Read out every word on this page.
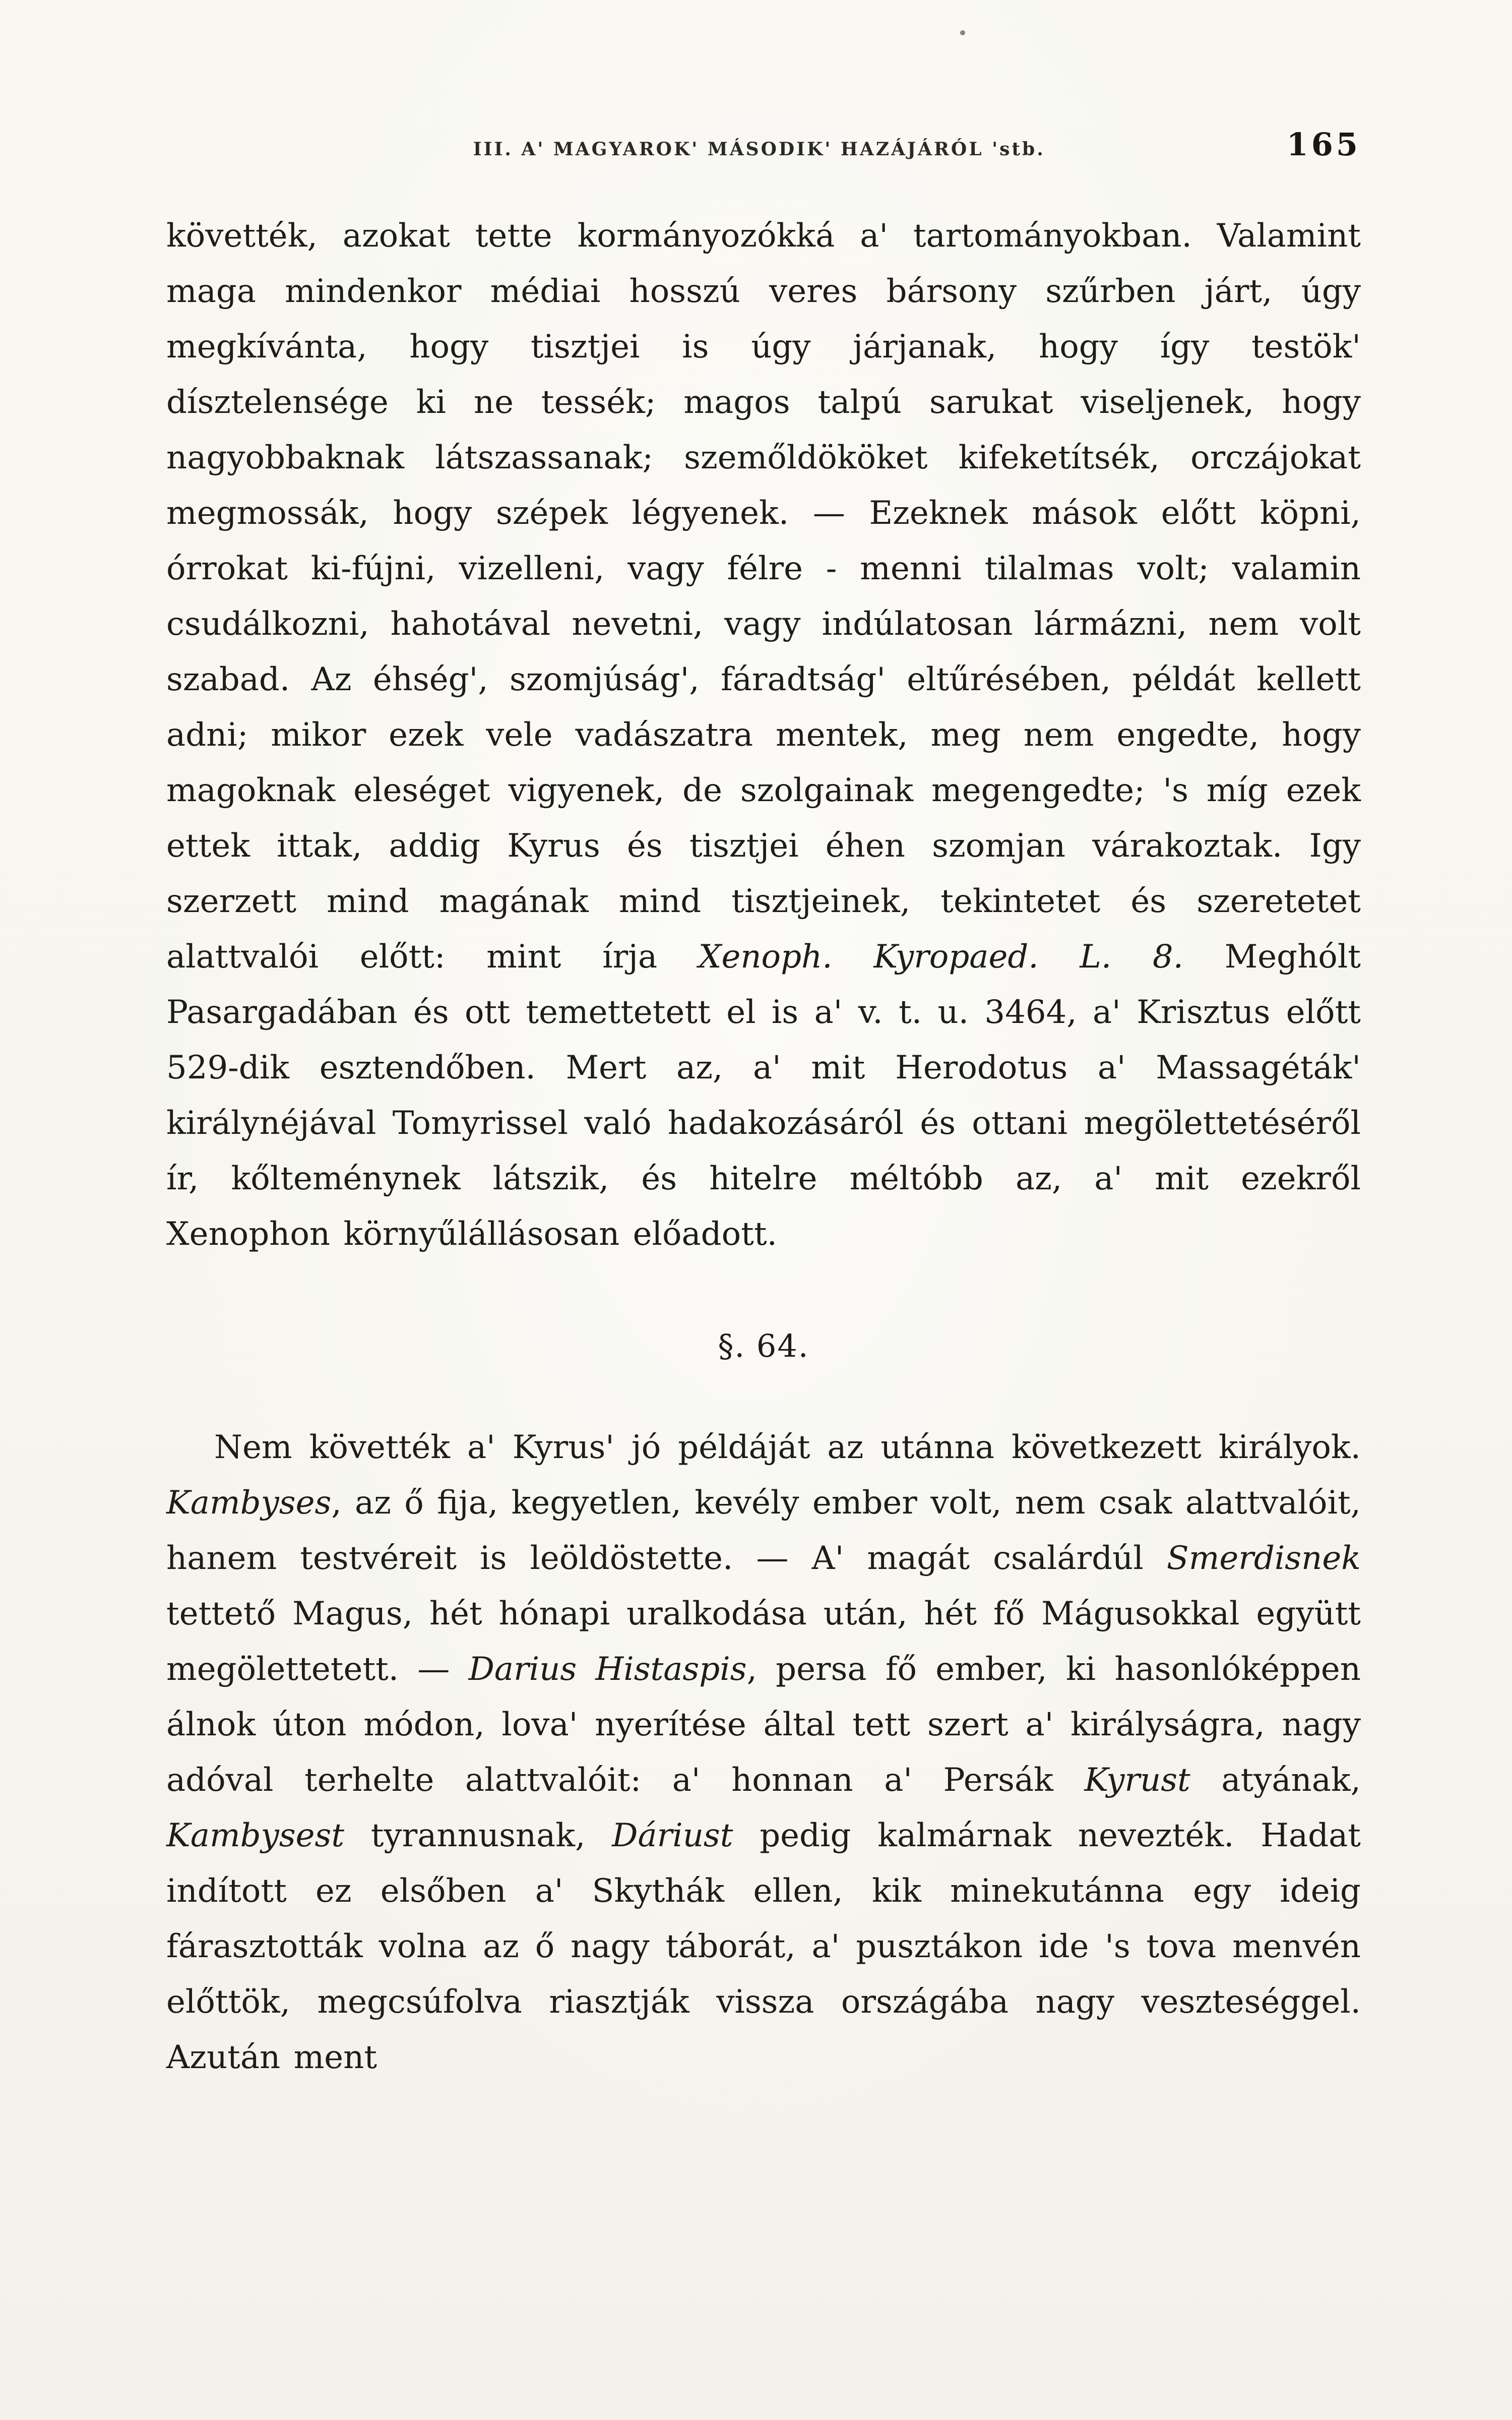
III. A' MAGYAROK' MÁSODIK' HAZÁJÁRÓL 'stb.	165

követték, azokat tette kormányozókká a' tartományokban. Valamint maga mindenkor médiai hosszú veres bársony szűrben járt, úgy megkívánta, hogy tisztjei is úgy járjanak, hogy így testök' dísztelensége ki ne tessék; magos talpú sarukat viseljenek, hogy nagyobbaknak látszassanak; szemőldököket kifeketítsék, orczájokat megmossák, hogy szépek légyenek. — Ezeknek mások előtt köpni, órrokat ki-fújni, vizelleni, vagy félre - menni tilalmas volt; valamin csudálkozni, hahotával nevetni, vagy indúlatosan lármázni, nem volt szabad. Az éhség', szomjúság', fáradtság' eltűrésében, példát kellett adni; mikor ezek vele vadászatra mentek, meg nem engedte, hogy magoknak eleséget vigyenek, de szolgainak megengedte; 's míg ezek ettek ittak, addig Kyrus és tisztjei éhen szomjan várakoztak. Igy szerzett mind magának mind tisztjeinek, tekintetet és szeretetet alattvalói előtt: mint írja Xenoph. Kyropaed. L. 8. Meghólt Pasargadában és ott temettetett el is a' v. t. u. 3464, a' Krisztus előtt 529-dik esztendőben. Mert az, a' mit Herodotus a' Massagéták' királynéjával Tomyrissel való hadakozásáról és ottani megölettetéséről ír, kőlteménynek látszik, és hitelre méltóbb az, a' mit ezekről Xenophon környűlállásosan előadott.

§. 64.

Nem követték a' Kyrus' jó példáját az utánna következett királyok. Kambyses, az ő fija, kegyetlen, kevély ember volt, nem csak alattvalóit, hanem testvéreit is leöldöstette. — A' magát csalárdúl Smerdisnek tettető Magus, hét hónapi uralkodása után, hét fő Mágusokkal együtt megölettetett. — Darius Histaspis, persa fő ember, ki hasonlóképpen álnok úton módon, lova' nyerítése által tett szert a' királyságra, nagy adóval terhelte alattvalóit: a' honnan a' Persák Kyrust atyának, Kambysest tyrannusnak, Dáriust pedig kalmárnak nevezték. Hadat indított ez elsőben a' Skythák ellen, kik minekutánna egy ideig fárasztották volna az ő nagy táborát, a' pusztákon ide 's tova menvén előttök, megcsúfolva riasztják vissza országába nagy veszteséggel. Azután ment
